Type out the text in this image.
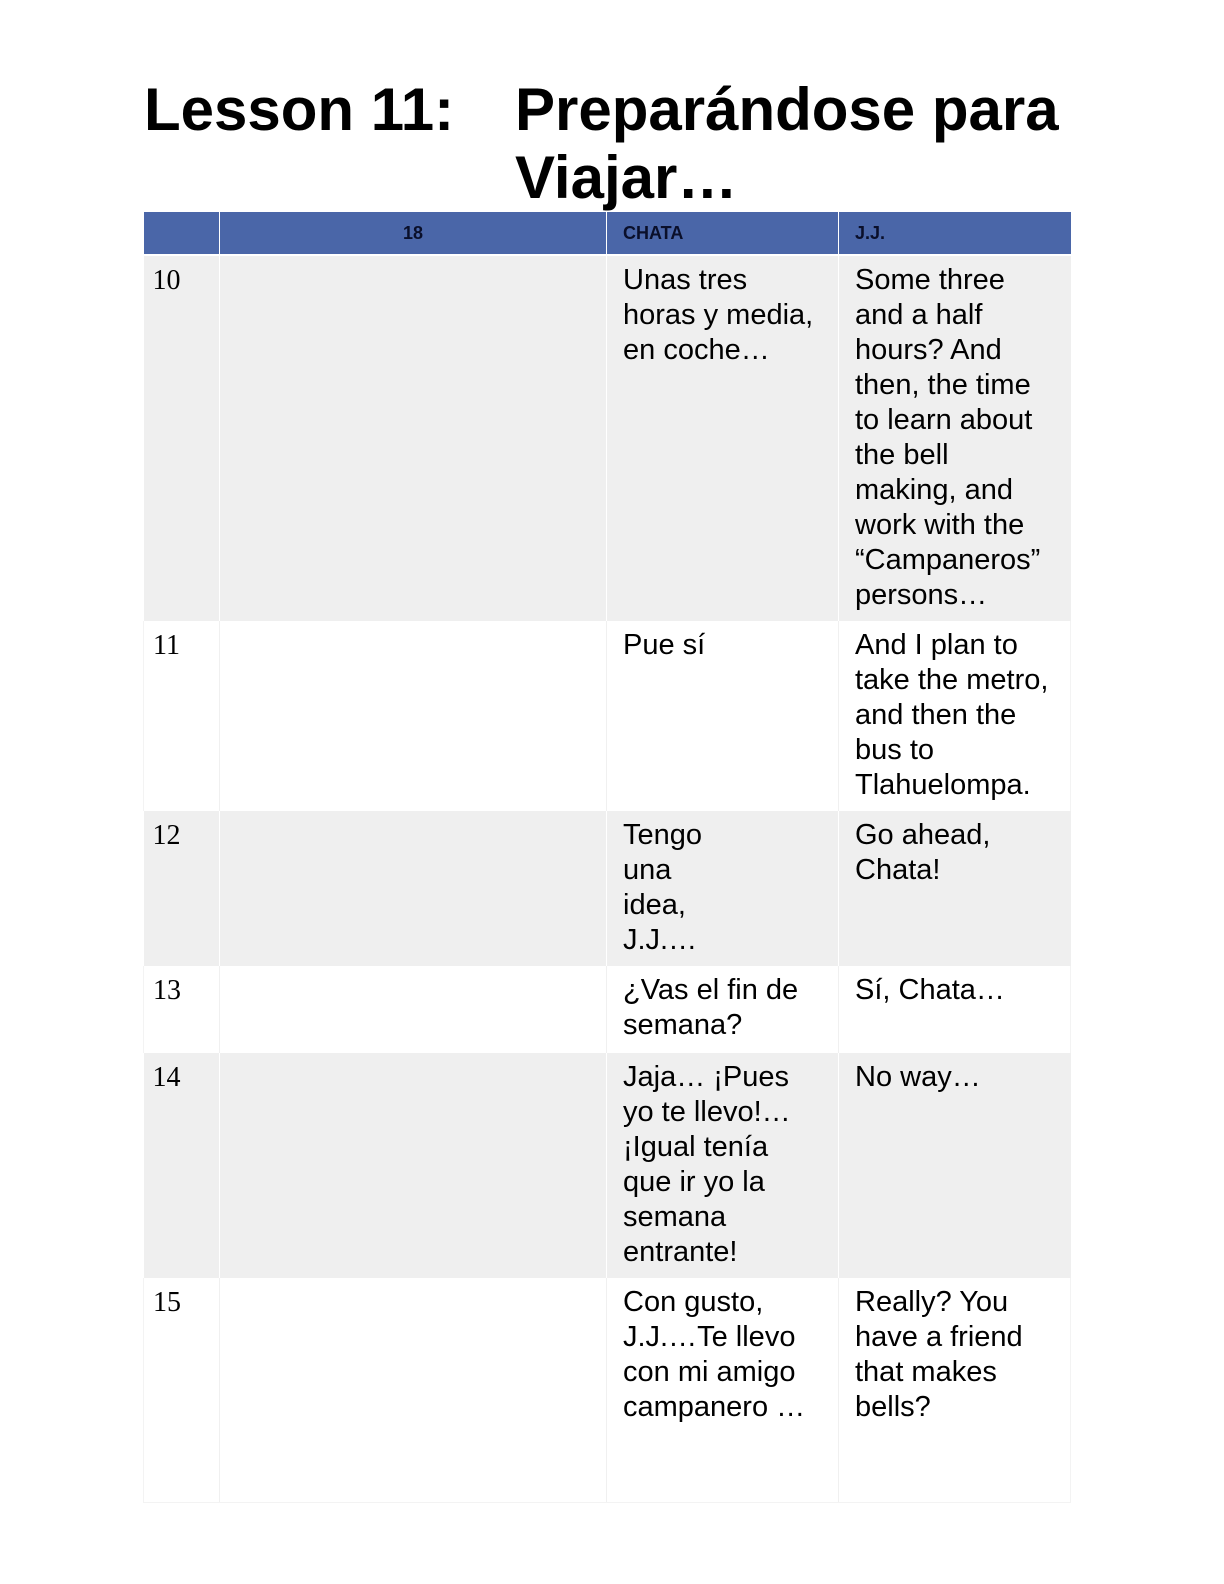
Lesson 11: Preparándose para Viajar…
	18	CHATA	J.J.
10		Unas tres horas y media, en coche…	Some three and a half hours? And then, the time to learn about the bell making, and work with the “Campaneros” persons…
11		Pue sí	And I plan to take the metro, and then the bus to Tlahuelompa.
12		Tengo una idea, J.J.…	Go ahead, Chata!
13		¿Vas el fin de semana?	Sí, Chata…
14		Jaja… ¡Pues yo te llevo!… ¡Igual tenía que ir yo la semana entrante!	No way…
15		Con gusto, J.J.…Te llevo con mi amigo campanero …	Really? You have a friend that makes bells?
